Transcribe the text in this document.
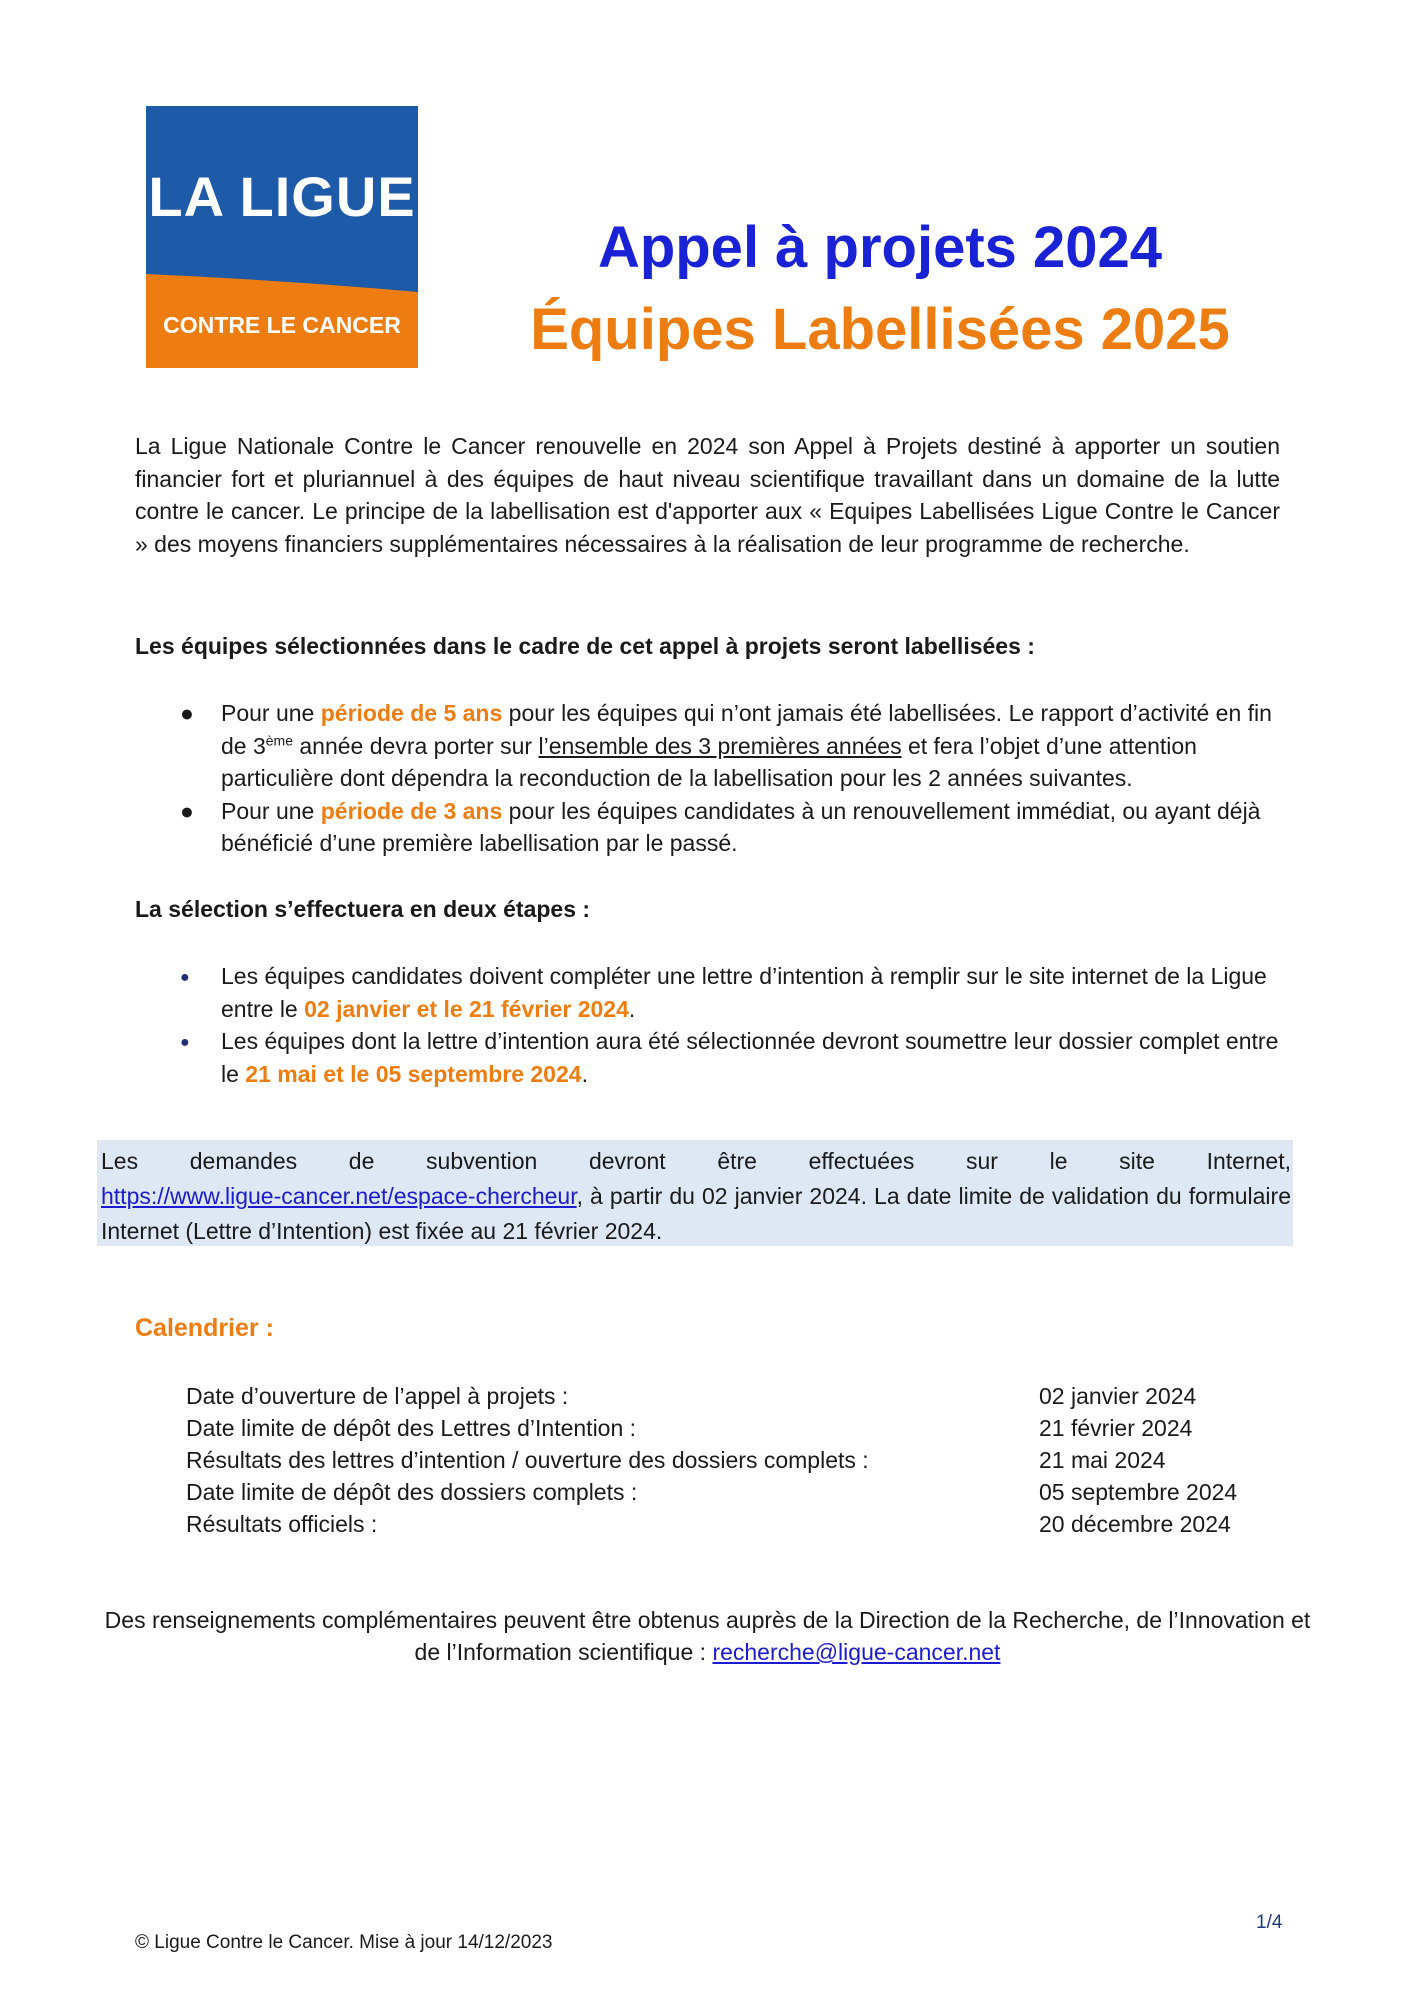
LA LIGUE
CONTRE LE CANCER
Appel à projets 2024
Équipes Labellisées 2025
La Ligue Nationale Contre le Cancer renouvelle en 2024 son Appel à Projets destiné à apporter un soutien financier fort et pluriannuel à des équipes de haut niveau scientifique travaillant dans un domaine de la lutte contre le cancer. Le principe de la labellisation est d'apporter aux « Equipes Labellisées Ligue Contre le Cancer » des moyens financiers supplémentaires nécessaires à la réalisation de leur programme de recherche.
Les équipes sélectionnées dans le cadre de cet appel à projets seront labellisées :
● Pour une période de 5 ans pour les équipes qui n’ont jamais été labellisées. Le rapport d’activité en fin de 3ème année devra porter sur l’ensemble des 3 premières années et fera l’objet d’une attention particulière dont dépendra la reconduction de la labellisation pour les 2 années suivantes.
● Pour une période de 3 ans pour les équipes candidates à un renouvellement immédiat, ou ayant déjà bénéficié d’une première labellisation par le passé.
La sélection s’effectuera en deux étapes :
● Les équipes candidates doivent compléter une lettre d’intention à remplir sur le site internet de la Ligue entre le 02 janvier et le 21 février 2024.
● Les équipes dont la lettre d’intention aura été sélectionnée devront soumettre leur dossier complet entre le 21 mai et le 05 septembre 2024.
Les demandes de subvention devront être effectuées sur le site Internet,
https://www.ligue-cancer.net/espace-chercheur, à partir du 02 janvier 2024. La date limite de validation du formulaire Internet (Lettre d’Intention) est fixée au 21 février 2024.
Calendrier :
Date d’ouverture de l’appel à projets :	02 janvier 2024
Date limite de dépôt des Lettres d’Intention :	21 février 2024
Résultats des lettres d’intention / ouverture des dossiers complets :	21 mai 2024
Date limite de dépôt des dossiers complets :	05 septembre 2024
Résultats officiels :	20 décembre 2024
Des renseignements complémentaires peuvent être obtenus auprès de la Direction de la Recherche, de l’Innovation et de l’Information scientifique : recherche@ligue-cancer.net
1/4
© Ligue Contre le Cancer. Mise à jour 14/12/2023
